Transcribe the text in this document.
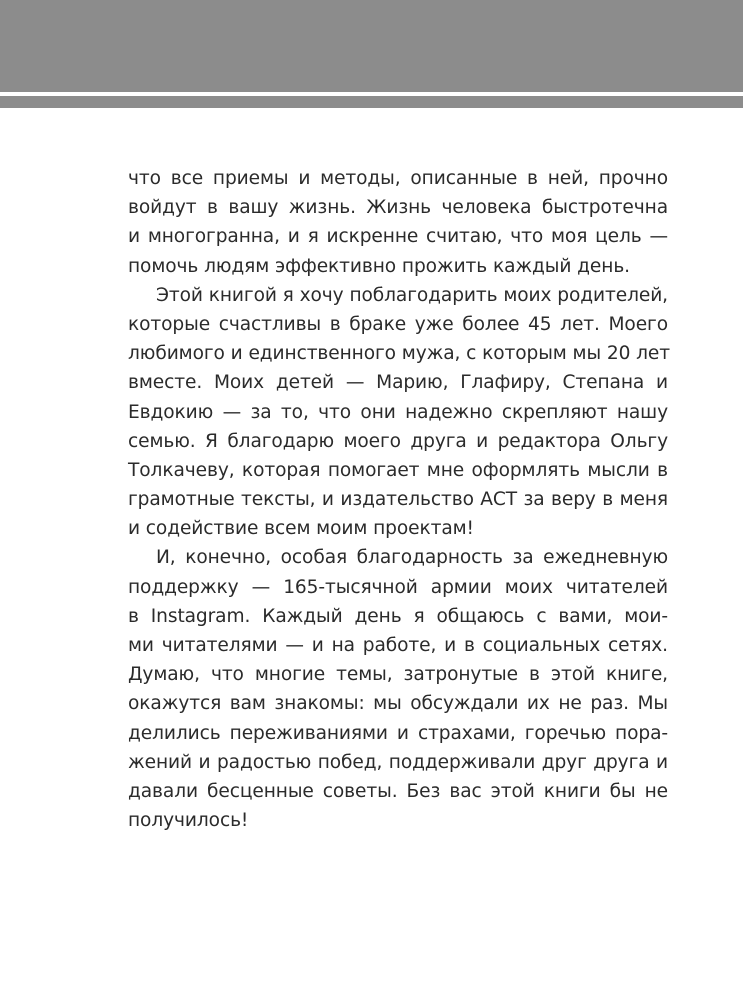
что все приемы и методы, описанные в ней, прочно
войдут в вашу жизнь. Жизнь человека быстротечна
и многогранна, и я искренне считаю, что моя цель —
помочь людям эффективно прожить каждый день.
Этой книгой я хочу поблагодарить моих родителей,
которые счастливы в браке уже более 45 лет. Моего
любимого и единственного мужа, с которым мы 20 лет
вместе. Моих детей — Марию, Глафиру, Степана и
Евдокию — за то, что они надежно скрепляют нашу
семью. Я благодарю моего друга и редактора Ольгу
Толкачеву, которая помогает мне оформлять мысли в
грамотные тексты, и издательство АСТ за веру в меня
и содействие всем моим проектам!
И, конечно, особая благодарность за ежедневную
поддержку — 165-тысячной армии моих читателей
в Instagram. Каждый день я общаюсь с вами, мои-
ми читателями — и на работе, и в социальных сетях.
Думаю, что многие темы, затронутые в этой книге,
окажутся вам знакомы: мы обсуждали их не раз. Мы
делились переживаниями и страхами, горечью пора-
жений и радостью побед, поддерживали друг друга и
давали бесценные советы. Без вас этой книги бы не
получилось!
